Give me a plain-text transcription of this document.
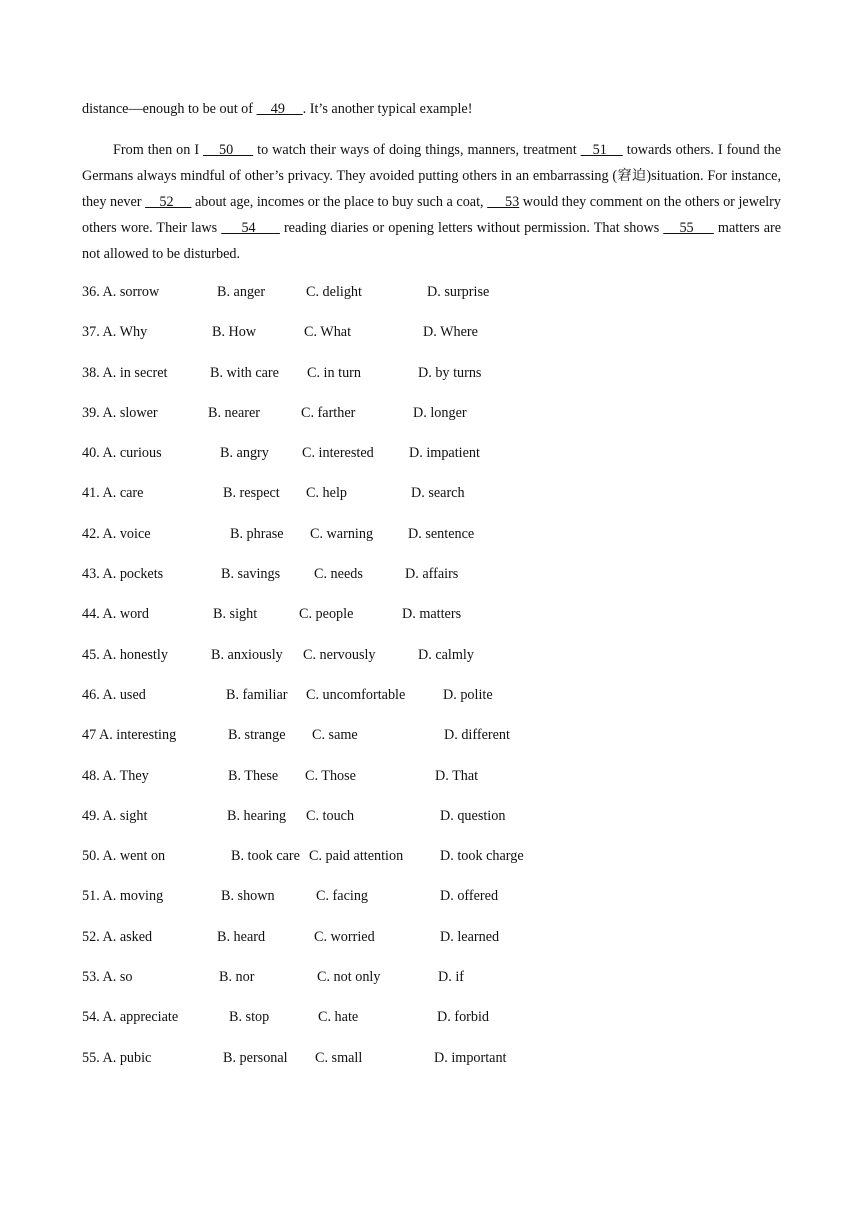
distance—enough to be out of     49     . It’s another typical example!
From then on I     50      to watch their ways of doing things, manners, treatment    51     towards others. I found the Germans always mindful of other’s privacy. They avoided putting others in an embarrassing (窘迫)situation. For instance, they never     52      about age, incomes or the place to buy such a coat,      53 would they comment on the others or jewelry others wore. Their laws      54       reading diaries or opening letters without permission. That shows     55      matters are not allowed to be disturbed.
36. A. sorrow	B. anger	C. delight	D. surprise
37. A. Why	B. How	C. What	D. Where
38. A. in secret	B. with care C. in turn	D. by turns
39. A. slower	B. nearer	C. farther	D. longer
40. A. curious	B. angry C. interested D. impatient
41. A. care	B. respect C. help	D. search
42. A. voice	B. phrase C. warning D. sentence
43. A. pockets	B. savings C. needs	D. affairs
44. A. word	B. sight	C. people	D. matters
45. A. honestly	B. anxiously C. nervously	D. calmly
46. A. used	B. familiar C. uncomfortable	D. polite
47 A. interesting	B. strange C. same	D. different
48. A. They	B. These C. Those	D. That
49. A. sight	B. hearing C. touch	D. question
50. A. went on	B. took care C. paid attention	D. took charge
51. A. moving	B. shown	C. facing	D. offered
52. A. asked	B. heard	C. worried	D. learned
53. A. so	B. nor	C. not only	D. if
54. A. appreciate	B. stop	C. hate	D. forbid
55. A. pubic	B. personal C. small	D. important
